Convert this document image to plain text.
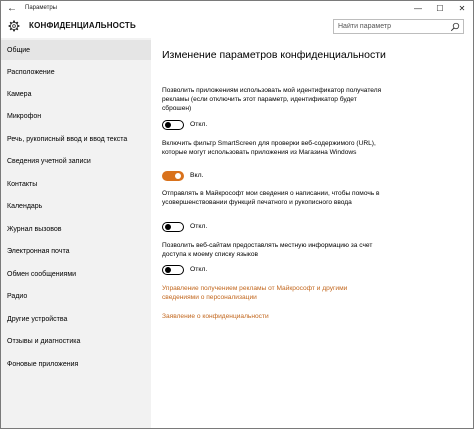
←	Параметры	—	☐	✕
КОНФИДЕНЦИАЛЬНОСТЬ
Найти параметр
Общие
Расположение
Камера
Микрофон
Речь, рукописный ввод и ввод текста
Сведения учетной записи
Контакты
Календарь
Журнал вызовов
Электронная почта
Обмен сообщениями
Радио
Другие устройства
Отзывы и диагностика
Фоновые приложения
Изменение параметров конфиденциальности
Позволить приложениям использовать мой идентификатор получателя рекламы (если отключить этот параметр, идентификатор будет сброшен)
Откл.
Включить фильтр SmartScreen для проверки веб-содержимого (URL), которые могут использовать приложения из Магазина Windows
Вкл.
Отправлять в Майкрософт мои сведения о написании, чтобы помочь в усовершенствовании функций печатного и рукописного ввода
Откл.
Позволить веб-сайтам предоставлять местную информацию за счет доступа к моему списку языков
Откл.
Управление получением рекламы от Майкрософт и другими сведениями о персонализации
Заявление о конфиденциальности
